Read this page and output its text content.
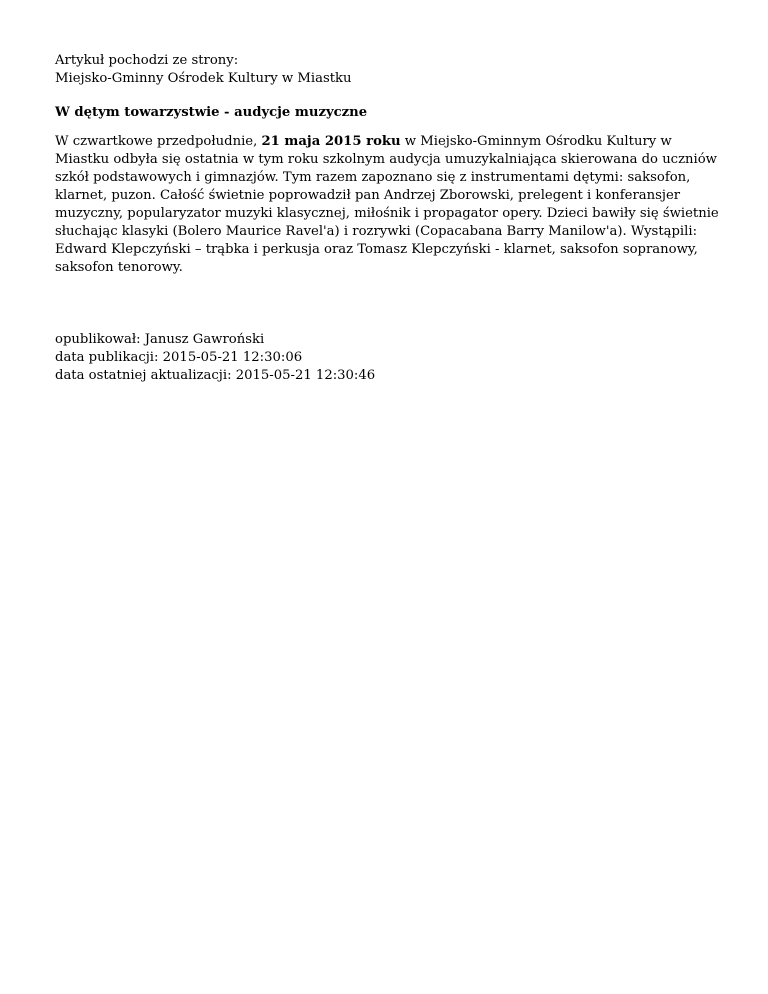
Artykuł pochodzi ze strony:
Miejsko-Gminny Ośrodek Kultury w Miastku
W dętym towarzystwie - audycje muzyczne

W czwartkowe przedpołudnie, 21 maja 2015 roku w Miejsko-Gminnym Ośrodku Kultury w Miastku odbyła się ostatnia w tym roku szkolnym audycja umuzykalniająca skierowana do uczniów szkół podstawowych i gimnazjów. Tym razem zapoznano się z instrumentami dętymi: saksofon, klarnet, puzon. Całość świetnie poprowadził pan Andrzej Zborowski, prelegent i konferansjer muzyczny, popularyzator muzyki klasycznej, miłośnik i propagator opery. Dzieci bawiły się świetnie słuchając klasyki (Bolero Maurice Ravel'a) i rozrywki (Copacabana Barry Manilow'a). Wystąpili: Edward Klepczyński – trąbka i perkusja oraz Tomasz Klepczyński - klarnet, saksofon sopranowy, saksofon tenorowy.

opublikował: Janusz Gawroński
data publikacji: 2015-05-21 12:30:06
data ostatniej aktualizacji: 2015-05-21 12:30:46
